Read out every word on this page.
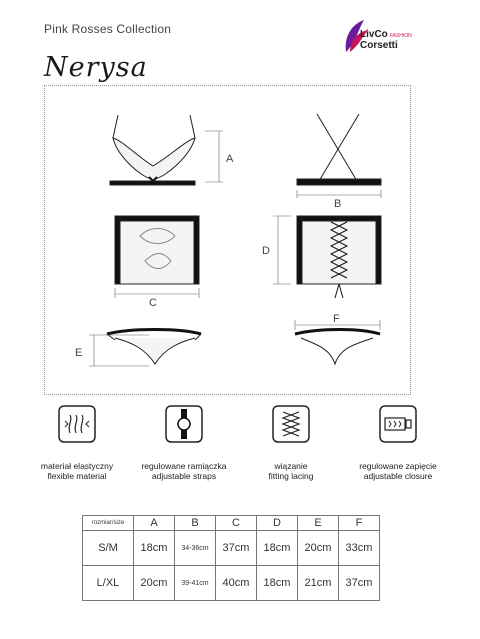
Pink Rosses Collection
Nerysa
LivCo FASHION
Corsetti
A
B
C
D
E
F
materiał elastyczny
flexible material
regulowane ramiączka
adjustable straps
wiązanie
fitting lacing
regulowane zapięcie
adjustable closure
rozmiar/size	A	B	C	D	E	F
S/M	18cm	34-36cm	37cm	18cm	20cm	33cm
L/XL	20cm	39-41cm	40cm	18cm	21cm	37cm
